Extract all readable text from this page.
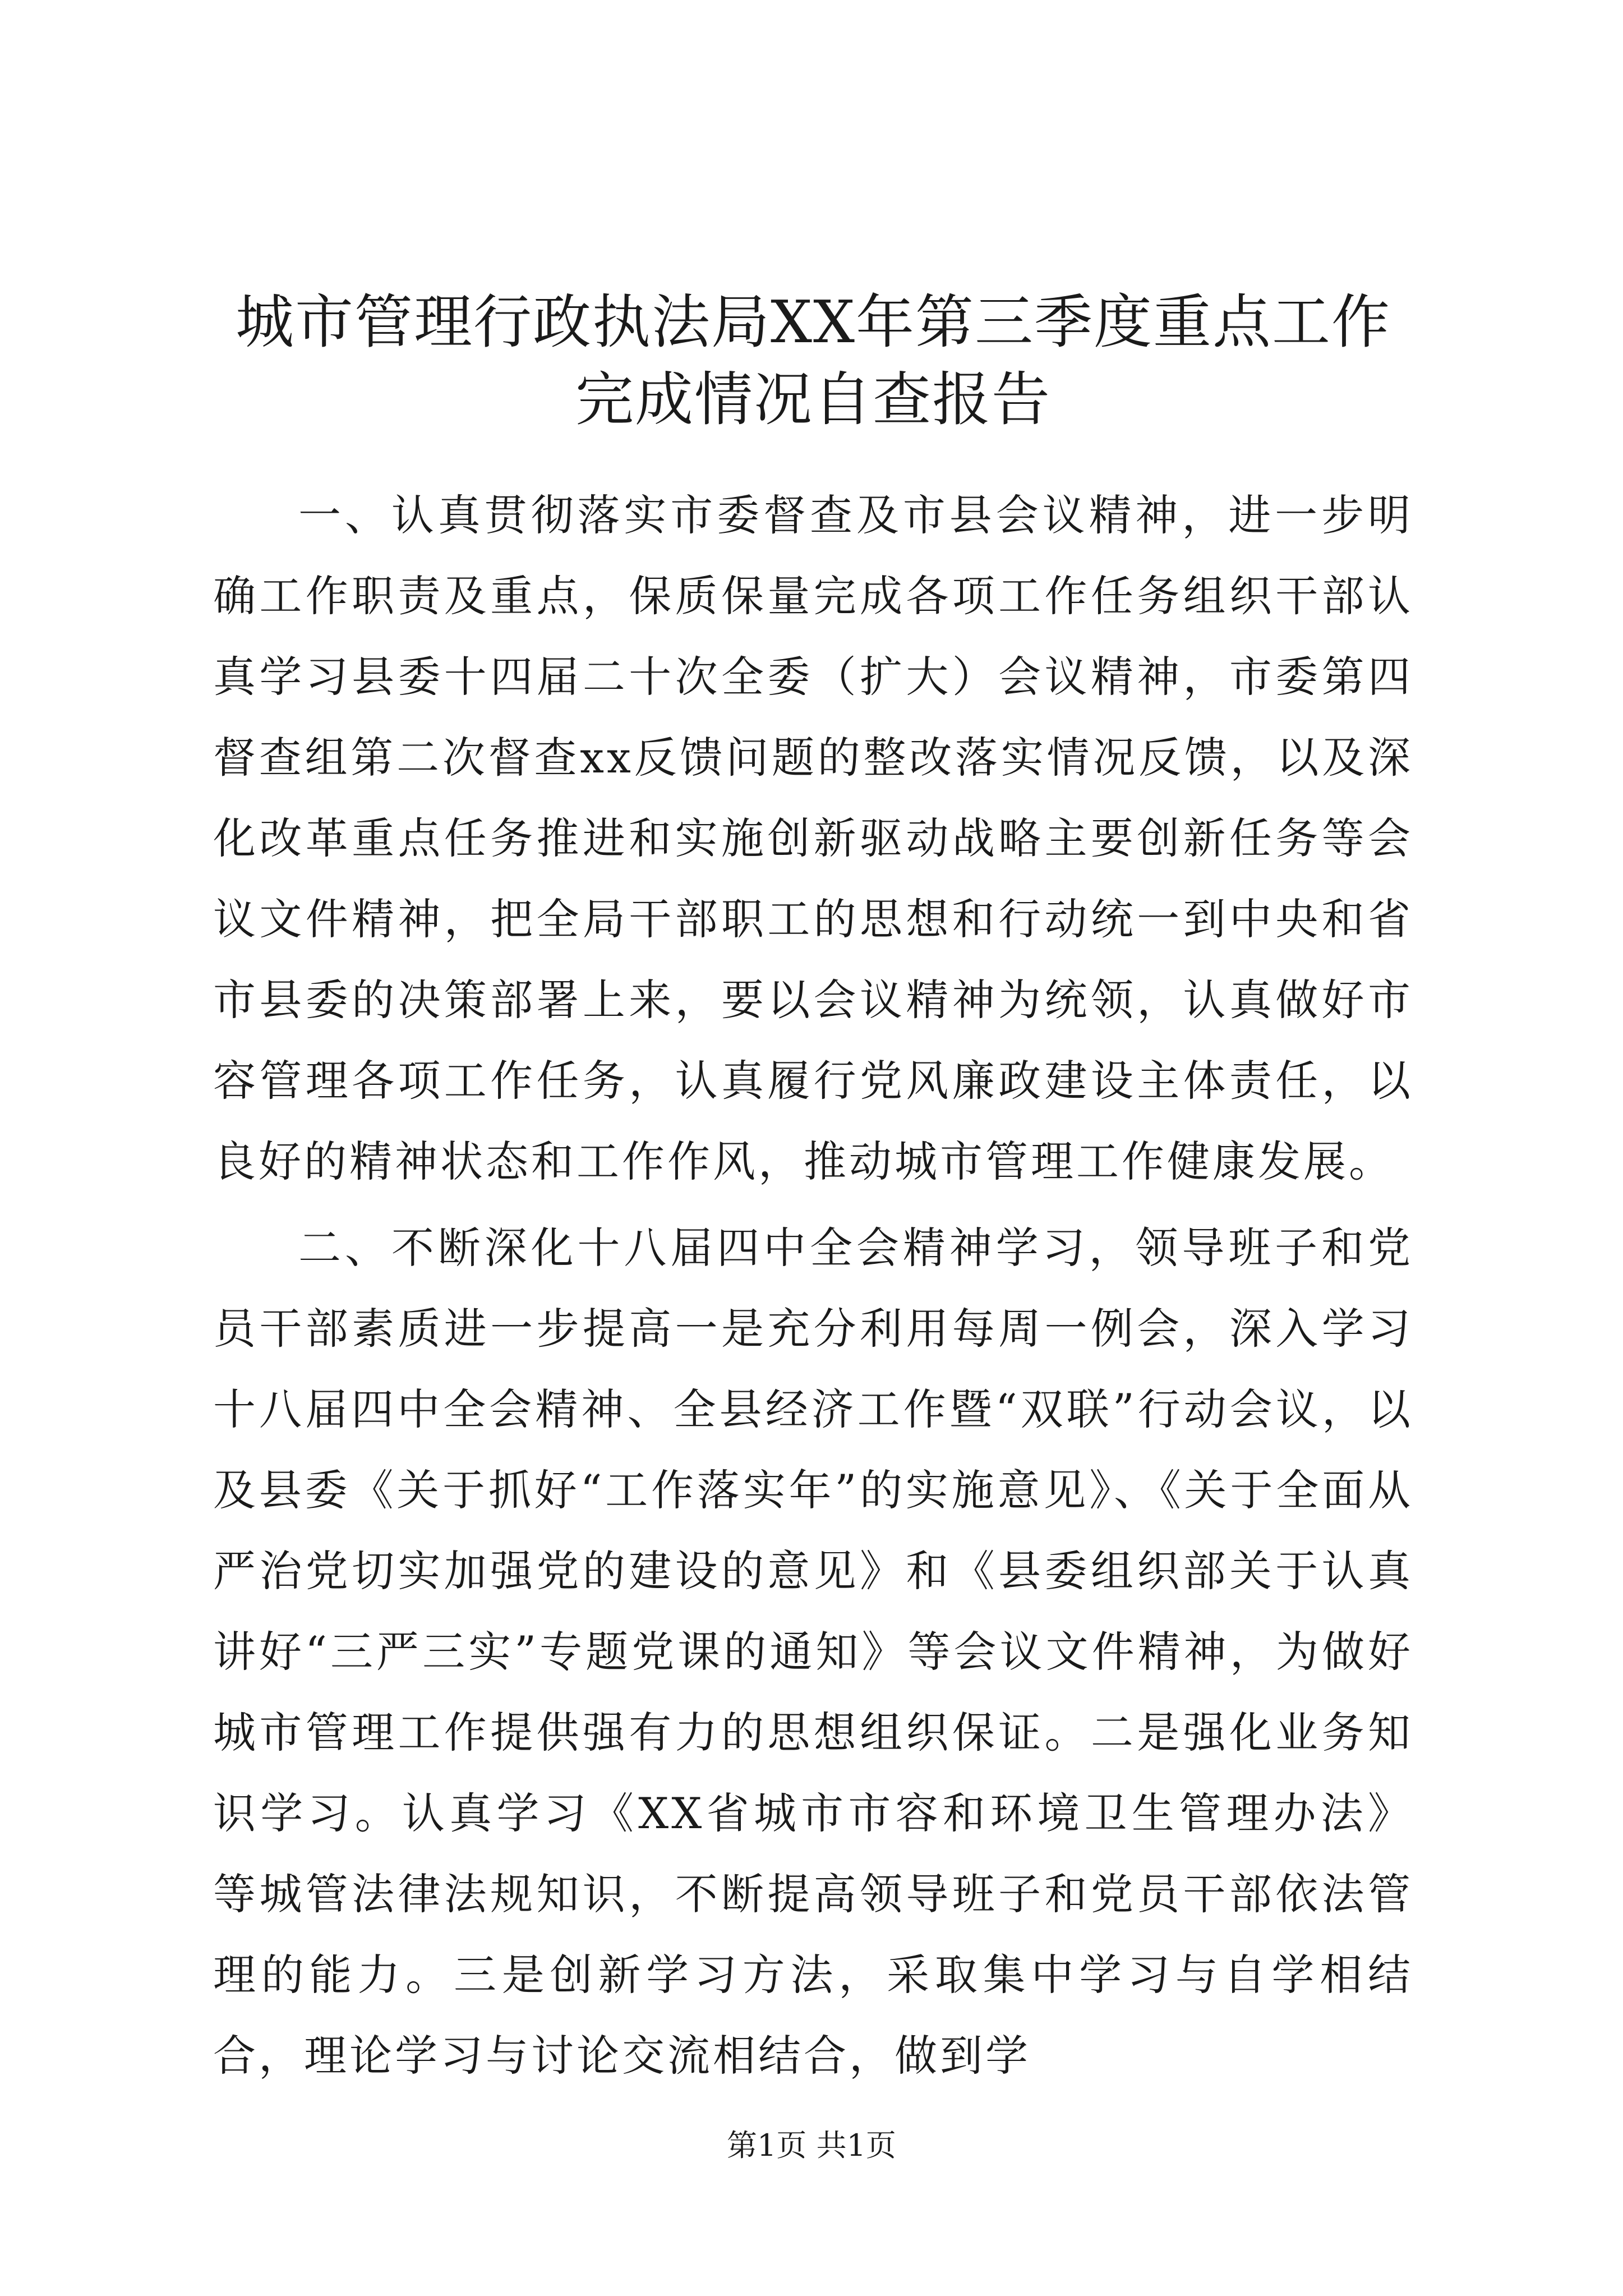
城市管理行政执法局XX年第三季度重点工作
完成情况自查报告

一、认真贯彻落实市委督查及市县会议精神，进一步明确工作职责及重点，保质保量完成各项工作任务组织干部认真学习县委十四届二十次全委（扩大）会议精神，市委第四督查组第二次督查xx反馈问题的整改落实情况反馈，以及深化改革重点任务推进和实施创新驱动战略主要创新任务等会议文件精神，把全局干部职工的思想和行动统一到中央和省市县委的决策部署上来，要以会议精神为统领，认真做好市容管理各项工作任务，认真履行党风廉政建设主体责任，以良好的精神状态和工作作风，推动城市管理工作健康发展。

二、不断深化十八届四中全会精神学习，领导班子和党员干部素质进一步提高一是充分利用每周一例会，深入学习十八届四中全会精神、全县经济工作暨“双联”行动会议，以及县委《关于抓好“工作落实年”的实施意见》、《关于全面从严治党切实加强党的建设的意见》和《县委组织部关于认真讲好“三严三实”专题党课的通知》等会议文件精神，为做好城市管理工作提供强有力的思想组织保证。二是强化业务知识学习。认真学习《XX省城市市容和环境卫生管理办法》等城管法律法规知识，不断提高领导班子和党员干部依法管理的能力。三是创新学习方法，采取集中学习与自学相结合，理论学习与讨论交流相结合，做到学

第1页 共1页
